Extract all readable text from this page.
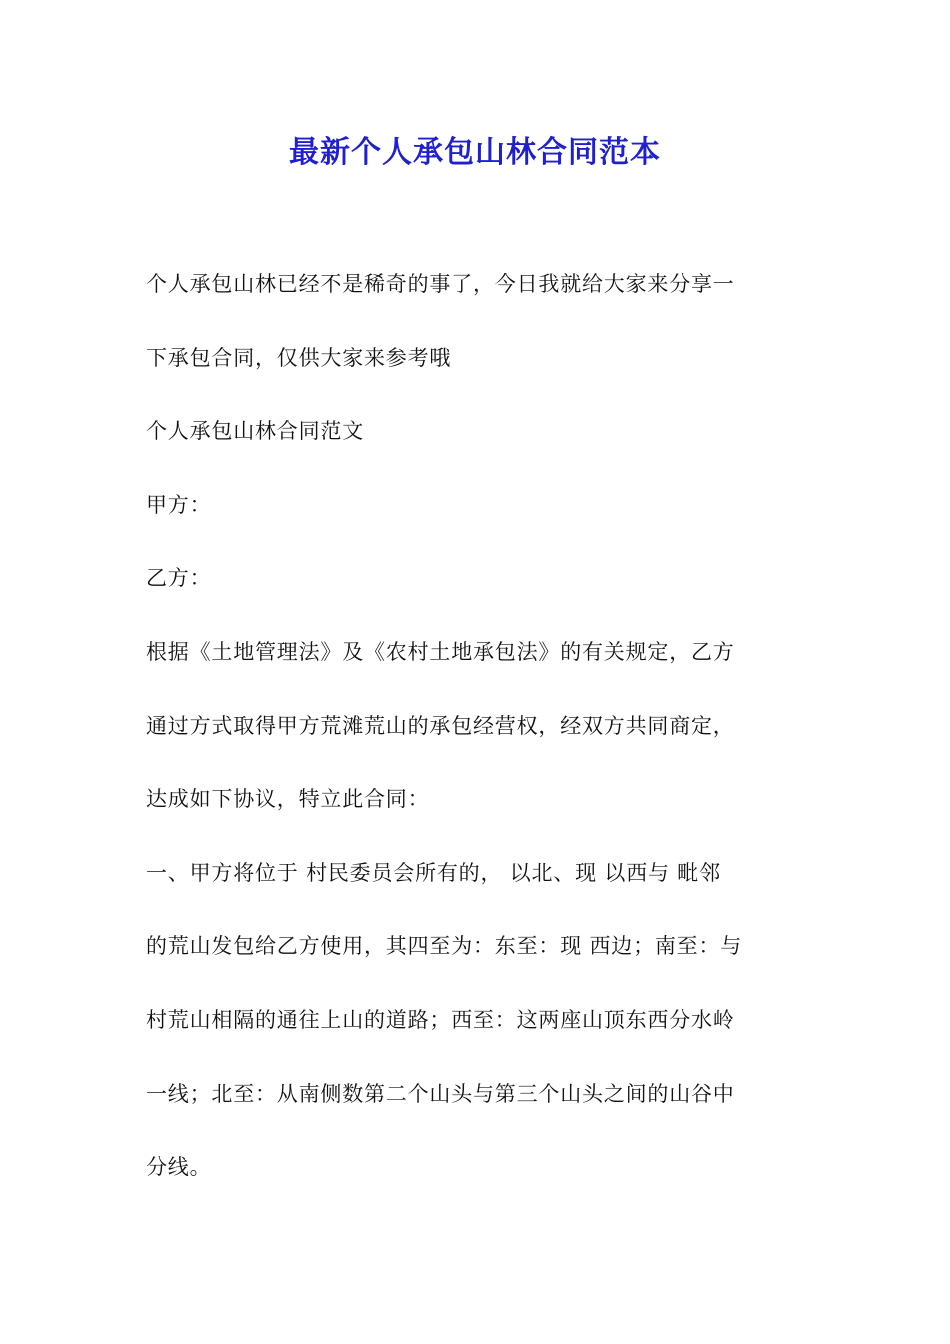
最新个人承包山林合同范本
个人承包山林已经不是稀奇的事了，今日我就给大家来分享一
下承包合同，仅供大家来参考哦
个人承包山林合同范文
甲方：
乙方：
根据《土地管理法》及《农村土地承包法》的有关规定，乙方
通过方式取得甲方荒滩荒山的承包经营权，经双方共同商定，
达成如下协议，特立此合同：
一、甲方将位于 村民委员会所有的， 以北、现 以西与 毗邻
的荒山发包给乙方使用，其四至为：东至：现 西边；南至：与
村荒山相隔的通往上山的道路；西至：这两座山顶东西分水岭
一线；北至：从南侧数第二个山头与第三个山头之间的山谷中
分线。
